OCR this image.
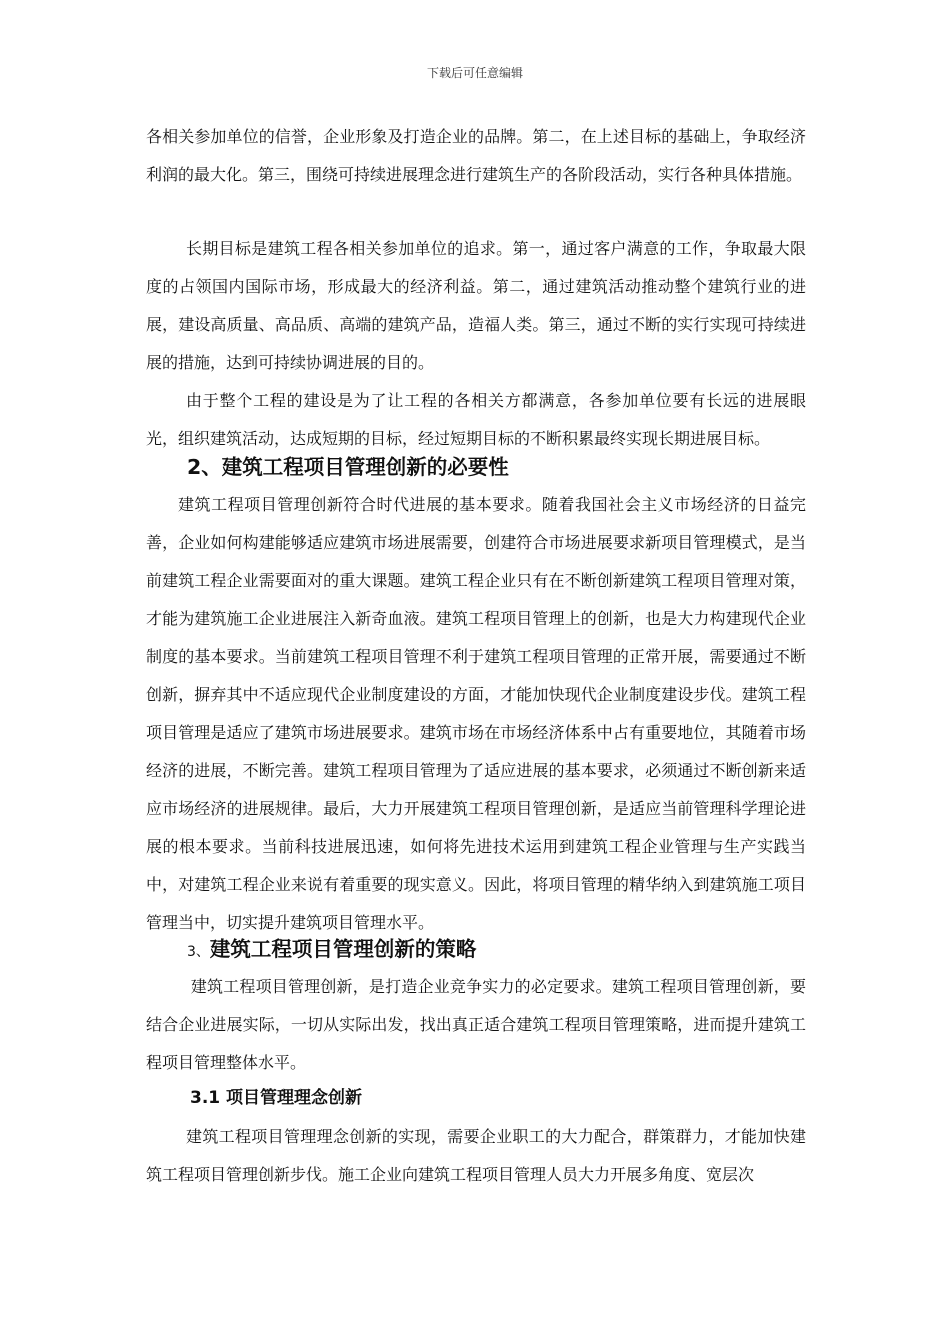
下载后可任意编辑

各相关参加单位的信誉，企业形象及打造企业的品牌。第二，在上述目标的基础上，争取经济利润的最大化。第三，围绕可持续进展理念进行建筑生产的各阶段活动，实行各种具体措施。

长期目标是建筑工程各相关参加单位的追求。第一，通过客户满意的工作，争取最大限度的占领国内国际市场，形成最大的经济利益。第二，通过建筑活动推动整个建筑行业的进展，建设高质量、高品质、高端的建筑产品，造福人类。第三，通过不断的实行实现可持续进展的措施，达到可持续协调进展的目的。

由于整个工程的建设是为了让工程的各相关方都满意，各参加单位要有长远的进展眼光，组织建筑活动，达成短期的目标，经过短期目标的不断积累最终实现长期进展目标。

2、建筑工程项目管理创新的必要性

建筑工程项目管理创新符合时代进展的基本要求。随着我国社会主义市场经济的日益完善，企业如何构建能够适应建筑市场进展需要，创建符合市场进展要求新项目管理模式，是当前建筑工程企业需要面对的重大课题。建筑工程企业只有在不断创新建筑工程项目管理对策，才能为建筑施工企业进展注入新奇血液。建筑工程项目管理上的创新，也是大力构建现代企业制度的基本要求。当前建筑工程项目管理不利于建筑工程项目管理的正常开展，需要通过不断创新，摒弃其中不适应现代企业制度建设的方面，才能加快现代企业制度建设步伐。建筑工程项目管理是适应了建筑市场进展要求。建筑市场在市场经济体系中占有重要地位，其随着市场经济的进展，不断完善。建筑工程项目管理为了适应进展的基本要求，必须通过不断创新来适应市场经济的进展规律。最后，大力开展建筑工程项目管理创新，是适应当前管理科学理论进展的根本要求。当前科技进展迅速，如何将先进技术运用到建筑工程企业管理与生产实践当中，对建筑工程企业来说有着重要的现实意义。因此，将项目管理的精华纳入到建筑施工项目管理当中，切实提升建筑项目管理水平。

3、建筑工程项目管理创新的策略

建筑工程项目管理创新，是打造企业竞争实力的必定要求。建筑工程项目管理创新，要结合企业进展实际，一切从实际出发，找出真正适合建筑工程项目管理策略，进而提升建筑工程项目管理整体水平。

3.1 项目管理理念创新

建筑工程项目管理理念创新的实现，需要企业职工的大力配合，群策群力，才能加快建筑工程项目管理创新步伐。施工企业向建筑工程项目管理人员大力开展多角度、宽层次
